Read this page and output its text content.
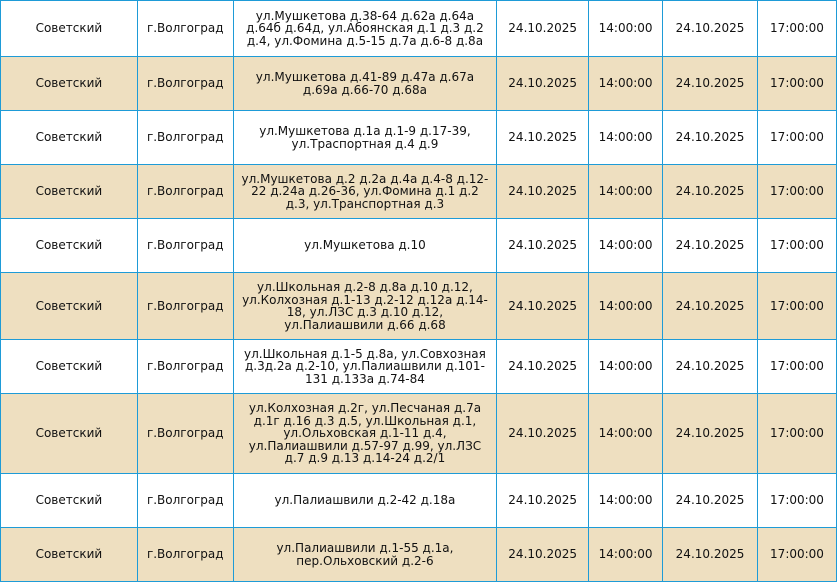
Советский	г.Волгоград	ул.Мушкетова д.38-64 д.62а д.64а д.64б д.64д, ул.Абоянская д.1 д.3 д.2 д.4, ул.Фомина д.5-15 д.7а д.6-8 д.8а	24.10.2025	14:00:00	24.10.2025	17:00:00
Советский	г.Волгоград	ул.Мушкетова д.41-89 д.47а д.67а д.69а д.66-70 д.68а	24.10.2025	14:00:00	24.10.2025	17:00:00
Советский	г.Волгоград	ул.Мушкетова д.1а д.1-9 д.17-39, ул.Траспортная д.4 д.9	24.10.2025	14:00:00	24.10.2025	17:00:00
Советский	г.Волгоград	ул.Мушкетова д.2 д.2а д.4а д.4-8 д.12-22 д.24а д.26-36, ул.Фомина д.1 д.2 д.3, ул.Транспортная д.3	24.10.2025	14:00:00	24.10.2025	17:00:00
Советский	г.Волгоград	ул.Мушкетова д.10	24.10.2025	14:00:00	24.10.2025	17:00:00
Советский	г.Волгоград	ул.Школьная д.2-8 д.8а д.10 д.12, ул.Колхозная д.1-13 д.2-12 д.12а д.14-18, ул.ЛЗС д.3 д.10 д.12, ул.Палиашвили д.66 д.68	24.10.2025	14:00:00	24.10.2025	17:00:00
Советский	г.Волгоград	ул.Школьная д.1-5 д.8а, ул.Совхозная д.3д.2а д.2-10, ул.Палиашвили д.101-131 д.133а д.74-84	24.10.2025	14:00:00	24.10.2025	17:00:00
Советский	г.Волгоград	ул.Колхозная д.2г, ул.Песчаная д.7а д.1г д.16 д.3 д.5, ул.Школьная д.1, ул.Ольховская д.1-11 д.4, ул.Палиашвили д.57-97 д.99, ул.ЛЗС д.7 д.9 д.13 д.14-24 д.2/1	24.10.2025	14:00:00	24.10.2025	17:00:00
Советский	г.Волгоград	ул.Палиашвили д.2-42 д.18а	24.10.2025	14:00:00	24.10.2025	17:00:00
Советский	г.Волгоград	ул.Палиашвили д.1-55 д.1а, пер.Ольховский д.2-6	24.10.2025	14:00:00	24.10.2025	17:00:00
